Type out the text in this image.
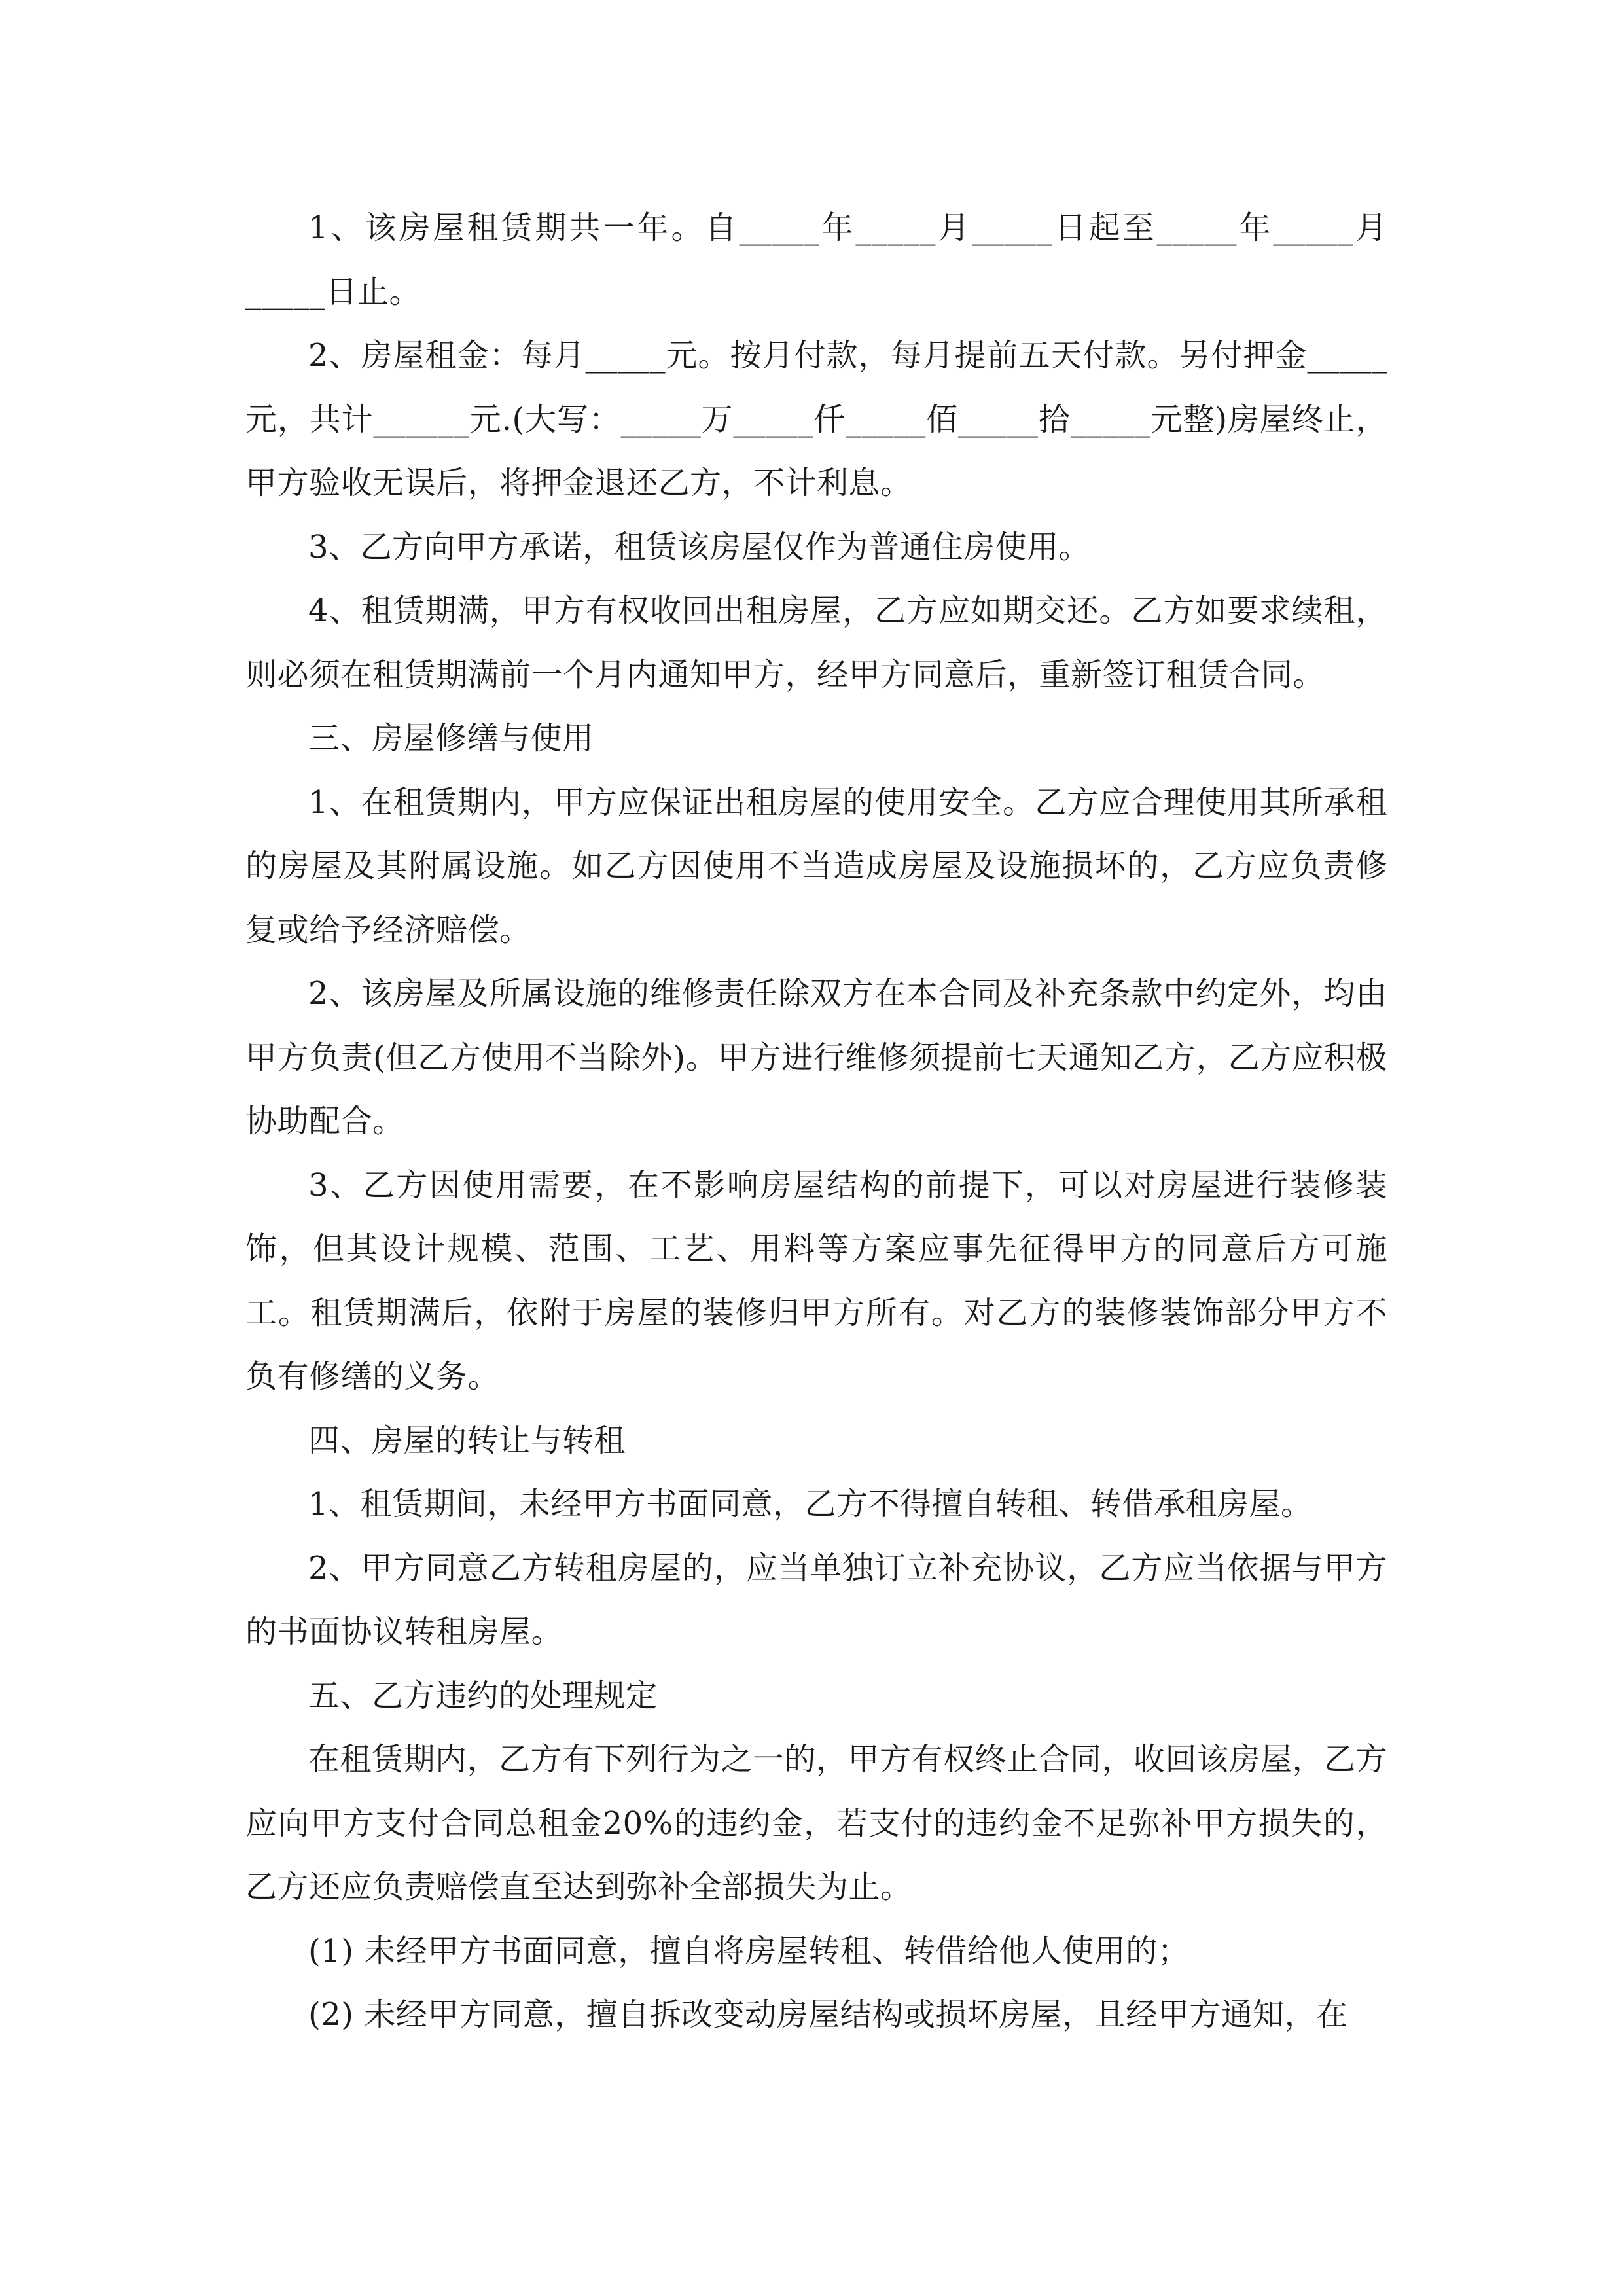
1、该房屋租赁期共一年。自_____年_____月_____日起至_____年_____月_____日止。

2、房屋租金：每月_____元。按月付款，每月提前五天付款。另付押金_____元，共计______元.(大写：_____万_____仟_____佰_____拾_____元整)房屋终止，甲方验收无误后，将押金退还乙方，不计利息。

3、乙方向甲方承诺，租赁该房屋仅作为普通住房使用。

4、租赁期满，甲方有权收回出租房屋，乙方应如期交还。乙方如要求续租，则必须在租赁期满前一个月内通知甲方，经甲方同意后，重新签订租赁合同。

三、房屋修缮与使用

1、在租赁期内，甲方应保证出租房屋的使用安全。乙方应合理使用其所承租的房屋及其附属设施。如乙方因使用不当造成房屋及设施损坏的，乙方应负责修复或给予经济赔偿。

2、该房屋及所属设施的维修责任除双方在本合同及补充条款中约定外，均由甲方负责(但乙方使用不当除外)。甲方进行维修须提前七天通知乙方，乙方应积极协助配合。

3、乙方因使用需要，在不影响房屋结构的前提下，可以对房屋进行装修装饰，但其设计规模、范围、工艺、用料等方案应事先征得甲方的同意后方可施工。租赁期满后，依附于房屋的装修归甲方所有。对乙方的装修装饰部分甲方不负有修缮的义务。

四、房屋的转让与转租

1、租赁期间，未经甲方书面同意，乙方不得擅自转租、转借承租房屋。

2、甲方同意乙方转租房屋的，应当单独订立补充协议，乙方应当依据与甲方的书面协议转租房屋。

五、乙方违约的处理规定

在租赁期内，乙方有下列行为之一的，甲方有权终止合同，收回该房屋，乙方应向甲方支付合同总租金20%的违约金，若支付的违约金不足弥补甲方损失的，乙方还应负责赔偿直至达到弥补全部损失为止。

(1) 未经甲方书面同意，擅自将房屋转租、转借给他人使用的；

(2) 未经甲方同意，擅自拆改变动房屋结构或损坏房屋，且经甲方通知，在
